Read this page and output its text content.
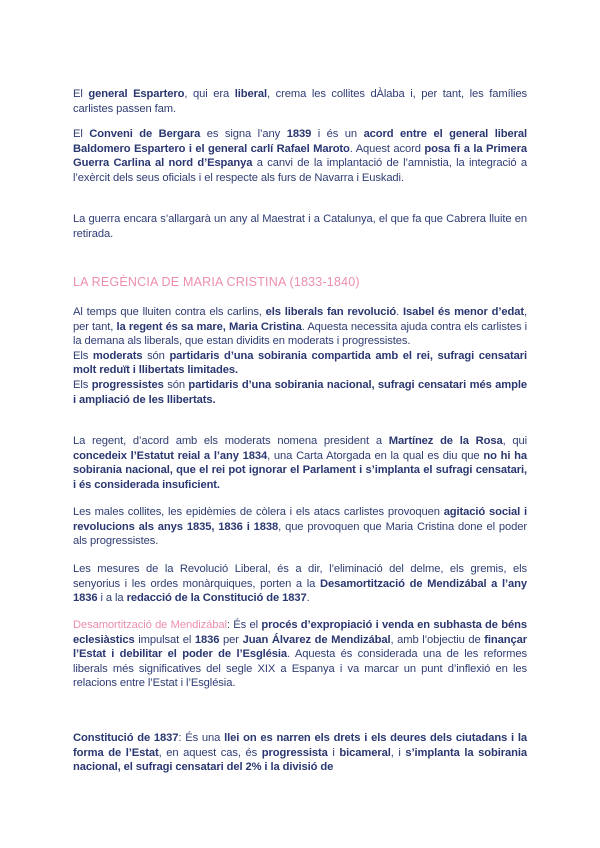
El general Espartero, qui era liberal, crema les collites dÀlaba i, per tant, les famílies carlistes passen fam.

El Conveni de Bergara es signa l’any 1839 i és un acord entre el general liberal Baldomero Espartero i el general carlí Rafael Maroto. Aquest acord posa fi a la Primera Guerra Carlina al nord d’Espanya a canvi de la implantació de l’amnistia, la integració a l’exèrcit dels seus oficials i el respecte als furs de Navarra i Euskadi.

La guerra encara s’allargarà un any al Maestrat i a Catalunya, el que fa que Cabrera lluite en retirada.

LA REGÈNCIA DE MARIA CRISTINA (1833-1840)

Al temps que lluiten contra els carlins, els liberals fan revolució. Isabel és menor d’edat, per tant, la regent és sa mare, Maria Cristina. Aquesta necessita ajuda contra els carlistes i la demana als liberals, que estan dividits en moderats i progressistes.
Els moderats són partidaris d’una sobirania compartida amb el rei, sufragi censatari molt reduït i llibertats limitades.
Els progressistes són partidaris d’una sobirania nacional, sufragi censatari més ample i ampliació de les llibertats.

La regent, d’acord amb els moderats nomena president a Martínez de la Rosa, qui concedeix l’Estatut reial a l’any 1834, una Carta Atorgada en la qual es diu que no hi ha sobirania nacional, que el rei pot ignorar el Parlament i s’implanta el sufragi censatari, i és considerada insuficient.

Les males collites, les epidèmies de còlera i els atacs carlistes provoquen agitació social i revolucions als anys 1835, 1836 i 1838, que provoquen que Maria Cristina done el poder als progressistes.

Les mesures de la Revolució Liberal, és a dir, l’eliminació del delme, els gremis, els senyorius i les ordes monàrquiques, porten a la Desamortització de Mendizábal a l’any 1836 i a la redacció de la Constitució de 1837.

Desamortització de Mendizábal: És el procés d’expropiació i venda en subhasta de béns eclesiàstics impulsat el 1836 per Juan Álvarez de Mendizábal, amb l’objectiu de finançar l’Estat i debilitar el poder de l’Església. Aquesta és considerada una de les reformes liberals més significatives del segle XIX a Espanya i va marcar un punt d’inflexió en les relacions entre l’Estat i l’Església.

Constitució de 1837: És una llei on es narren els drets i els deures dels ciutadans i la forma de l’Estat, en aquest cas, és progressista i bicameral, i s’implanta la sobirania nacional, el sufragi censatari del 2% i la divisió de
